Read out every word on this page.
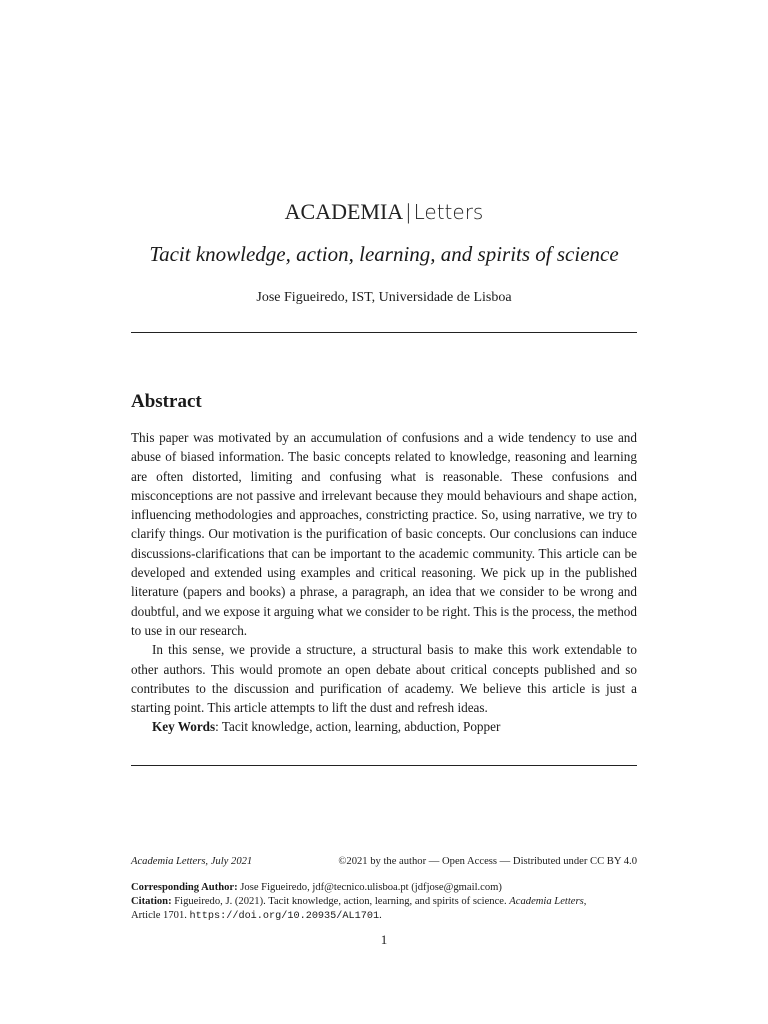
ACADEMIA | Letters
Tacit knowledge, action, learning, and spirits of science
Jose Figueiredo, IST, Universidade de Lisboa
Abstract

This paper was motivated by an accumulation of confusions and a wide tendency to use and abuse of biased information. The basic concepts related to knowledge, reasoning and learning are often distorted, limiting and confusing what is reasonable. These confusions and misconceptions are not passive and irrelevant because they mould behaviours and shape action, influencing methodologies and approaches, constricting practice. So, using narrative, we try to clarify things. Our motivation is the purification of basic concepts. Our conclusions can induce discussions-clarifications that can be important to the academic community. This article can be developed and extended using examples and critical reasoning. We pick up in the published literature (papers and books) a phrase, a paragraph, an idea that we consider to be wrong and doubtful, and we expose it arguing what we consider to be right. This is the process, the method to use in our research.

In this sense, we provide a structure, a structural basis to make this work extendable to other authors. This would promote an open debate about critical concepts published and so contributes to the discussion and purification of academy. We believe this article is just a starting point. This article attempts to lift the dust and refresh ideas.

Key Words: Tacit knowledge, action, learning, abduction, Popper

Academia Letters, July 2021	©2021 by the author — Open Access — Distributed under CC BY 4.0
Corresponding Author: Jose Figueiredo, jdf@tecnico.ulisboa.pt (jdfjose@gmail.com)
Citation: Figueiredo, J. (2021). Tacit knowledge, action, learning, and spirits of science. Academia Letters,
Article 1701. https://doi.org/10.20935/AL1701.
1
